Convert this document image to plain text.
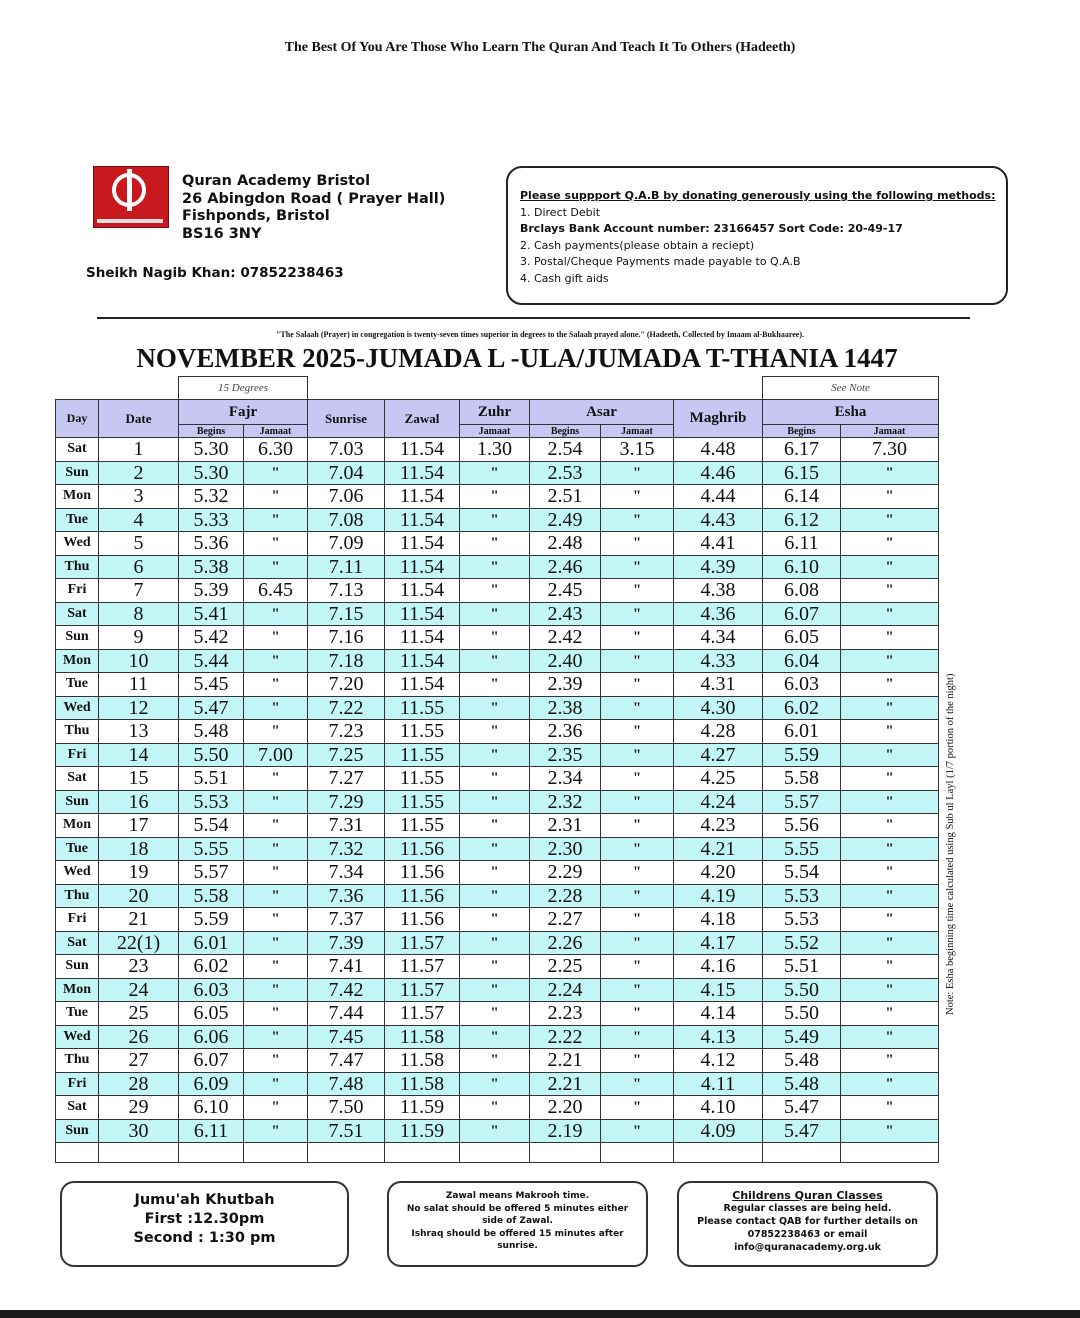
The Best Of You Are Those Who Learn The Quran And Teach It To Others (Hadeeth)
Quran Academy Bristol
26 Abingdon Road ( Prayer Hall)
Fishponds, Bristol
BS16 3NY
Sheikh Nagib Khan: 07852238463
Please suppport Q.A.B by donating generously using the following methods:
1. Direct Debit
Brclays Bank Account number: 23166457 Sort Code: 20-49-17
2. Cash payments(please obtain a reciept)
3. Postal/Cheque Payments made payable to Q.A.B
4. Cash gift aids
"The Salaah (Prayer) in congregation is twenty-seven times superior in degrees to the Salaah prayed alone." (Hadeeth, Collected by Imaam al-Bukhaaree).
NOVEMBER 2025-JUMADA L -ULA/JUMADA T-THANIA 1447
		15 Degrees								See Note	
Day	Date	Fajr		Sunrise	Zawal	Zuhr	Asar		Maghrib	Esha	
		Begins	Jamaat			Jamaat	Begins	Jamaat		Begins	Jamaat
Sat	1	5.30	6.30	7.03	11.54	1.30	2.54	3.15	4.48	6.17	7.30
Sun	2	5.30	"	7.04	11.54	"	2.53	"	4.46	6.15	"
Mon	3	5.32	"	7.06	11.54	"	2.51	"	4.44	6.14	"
Tue	4	5.33	"	7.08	11.54	"	2.49	"	4.43	6.12	"
Wed	5	5.36	"	7.09	11.54	"	2.48	"	4.41	6.11	"
Thu	6	5.38	"	7.11	11.54	"	2.46	"	4.39	6.10	"
Fri	7	5.39	6.45	7.13	11.54	"	2.45	"	4.38	6.08	"
Sat	8	5.41	"	7.15	11.54	"	2.43	"	4.36	6.07	"
Sun	9	5.42	"	7.16	11.54	"	2.42	"	4.34	6.05	"
Mon	10	5.44	"	7.18	11.54	"	2.40	"	4.33	6.04	"
Tue	11	5.45	"	7.20	11.54	"	2.39	"	4.31	6.03	"
Wed	12	5.47	"	7.22	11.55	"	2.38	"	4.30	6.02	"
Thu	13	5.48	"	7.23	11.55	"	2.36	"	4.28	6.01	"
Fri	14	5.50	7.00	7.25	11.55	"	2.35	"	4.27	5.59	"
Sat	15	5.51	"	7.27	11.55	"	2.34	"	4.25	5.58	"
Sun	16	5.53	"	7.29	11.55	"	2.32	"	4.24	5.57	"
Mon	17	5.54	"	7.31	11.55	"	2.31	"	4.23	5.56	"
Tue	18	5.55	"	7.32	11.56	"	2.30	"	4.21	5.55	"
Wed	19	5.57	"	7.34	11.56	"	2.29	"	4.20	5.54	"
Thu	20	5.58	"	7.36	11.56	"	2.28	"	4.19	5.53	"
Fri	21	5.59	"	7.37	11.56	"	2.27	"	4.18	5.53	"
Sat	22(1)	6.01	"	7.39	11.57	"	2.26	"	4.17	5.52	"
Sun	23	6.02	"	7.41	11.57	"	2.25	"	4.16	5.51	"
Mon	24	6.03	"	7.42	11.57	"	2.24	"	4.15	5.50	"
Tue	25	6.05	"	7.44	11.57	"	2.23	"	4.14	5.50	"
Wed	26	6.06	"	7.45	11.58	"	2.22	"	4.13	5.49	"
Thu	27	6.07	"	7.47	11.58	"	2.21	"	4.12	5.48	"
Fri	28	6.09	"	7.48	11.58	"	2.21	"	4.11	5.48	"
Sat	29	6.10	"	7.50	11.59	"	2.20	"	4.10	5.47	"
Sun	30	6.11	"	7.51	11.59	"	2.19	"	4.09	5.47	"

Note: Esha beginning time calculated using Sub ul Layl (1/7 portion of the night)
Jumu'ah Khutbah
First :12.30pm
Second : 1:30 pm
Zawal means Makrooh time.
No salat should be offered 5 minutes either side of Zawal.
Ishraq should be offered 15 minutes after sunrise.
Childrens Quran Classes
Regular classes are being held.
Please contact QAB for further details on
07852238463 or email
info@quranacademy.org.uk
